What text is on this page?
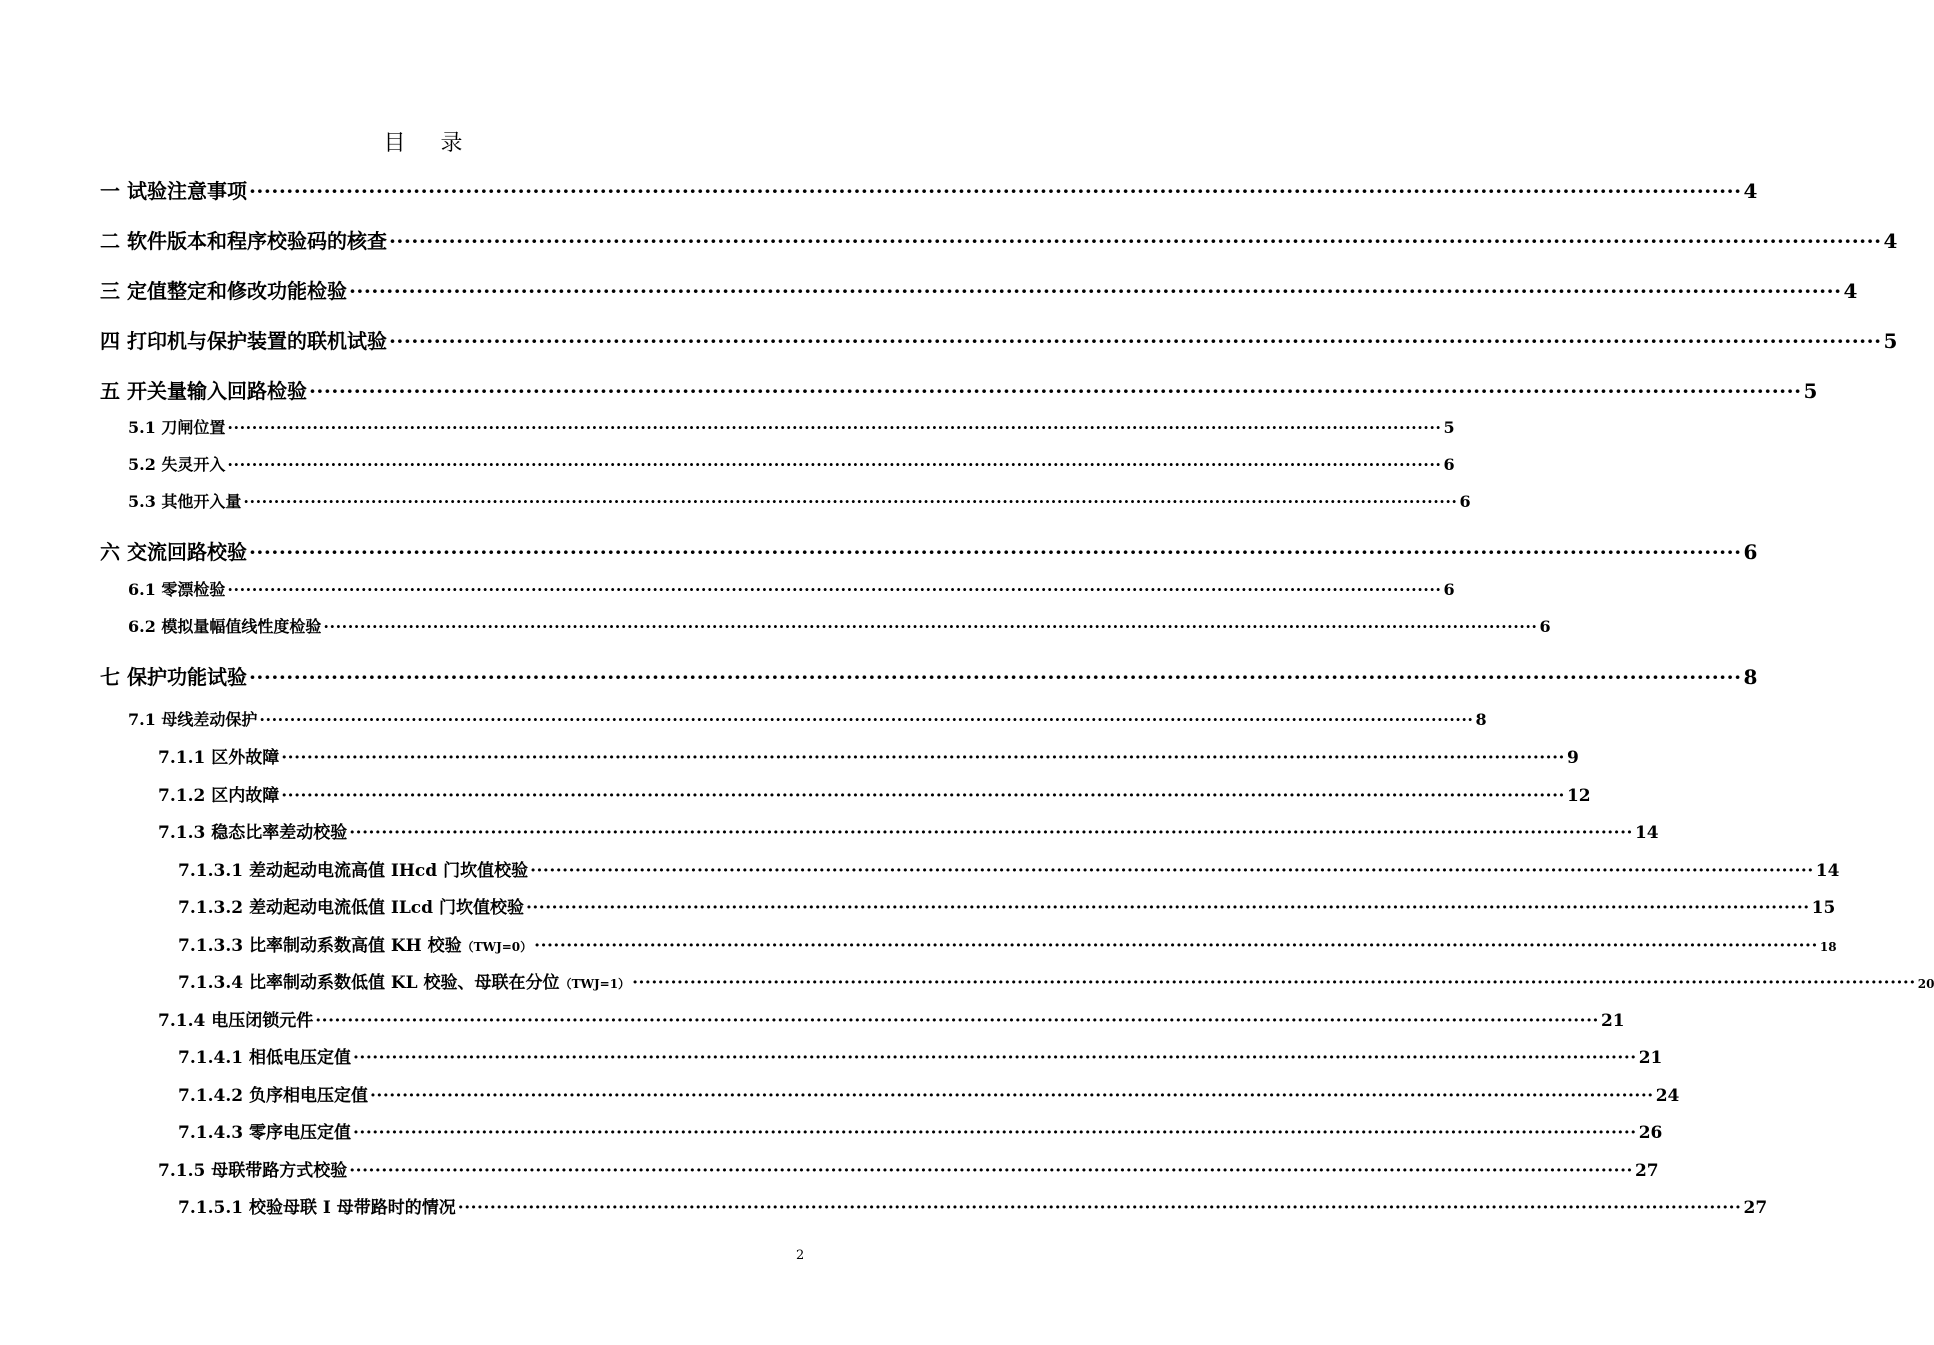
目 录
一 试验注意事项 ········································································································································································································ 4
二 软件版本和程序校验码的核查 ········································································································································································································ 4
三 定值整定和修改功能检验 ········································································································································································································ 4
四 打印机与保护装置的联机试验 ········································································································································································································ 5
五 开关量输入回路检验 ········································································································································································································ 5
5.1 刀闸位置 ········································································································································································································ 5
5.2 失灵开入 ········································································································································································································ 6
5.3 其他开入量 ········································································································································································································ 6
六 交流回路校验 ········································································································································································································ 6
6.1 零漂检验 ········································································································································································································ 6
6.2 模拟量幅值线性度检验 ········································································································································································································ 6
七 保护功能试验 ········································································································································································································ 8
7.1 母线差动保护 ········································································································································································································ 8
7.1.1 区外故障 ········································································································································································································ 9
7.1.2 区内故障 ········································································································································································································ 12
7.1.3 稳态比率差动校验 ········································································································································································································ 14
7.1.3.1 差动起动电流高值 IHcd 门坎值校验 ········································································································································································································ 14
7.1.3.2 差动起动电流低值 ILcd 门坎值校验 ········································································································································································································ 15
7.1.3.3 比率制动系数高值 KH 校验 （TWJ=0） ········································································································································································································ 18
7.1.3.4 比率制动系数低值 KL 校验、母联在分位 （TWJ=1） ········································································································································································································ 20
7.1.4 电压闭锁元件 ········································································································································································································ 21
7.1.4.1 相低电压定值 ········································································································································································································ 21
7.1.4.2 负序相电压定值 ········································································································································································································ 24
7.1.4.3 零序电压定值 ········································································································································································································ 26
7.1.5 母联带路方式校验 ········································································································································································································ 27
7.1.5.1 校验母联 I 母带路时的情况 ········································································································································································································ 27
2
